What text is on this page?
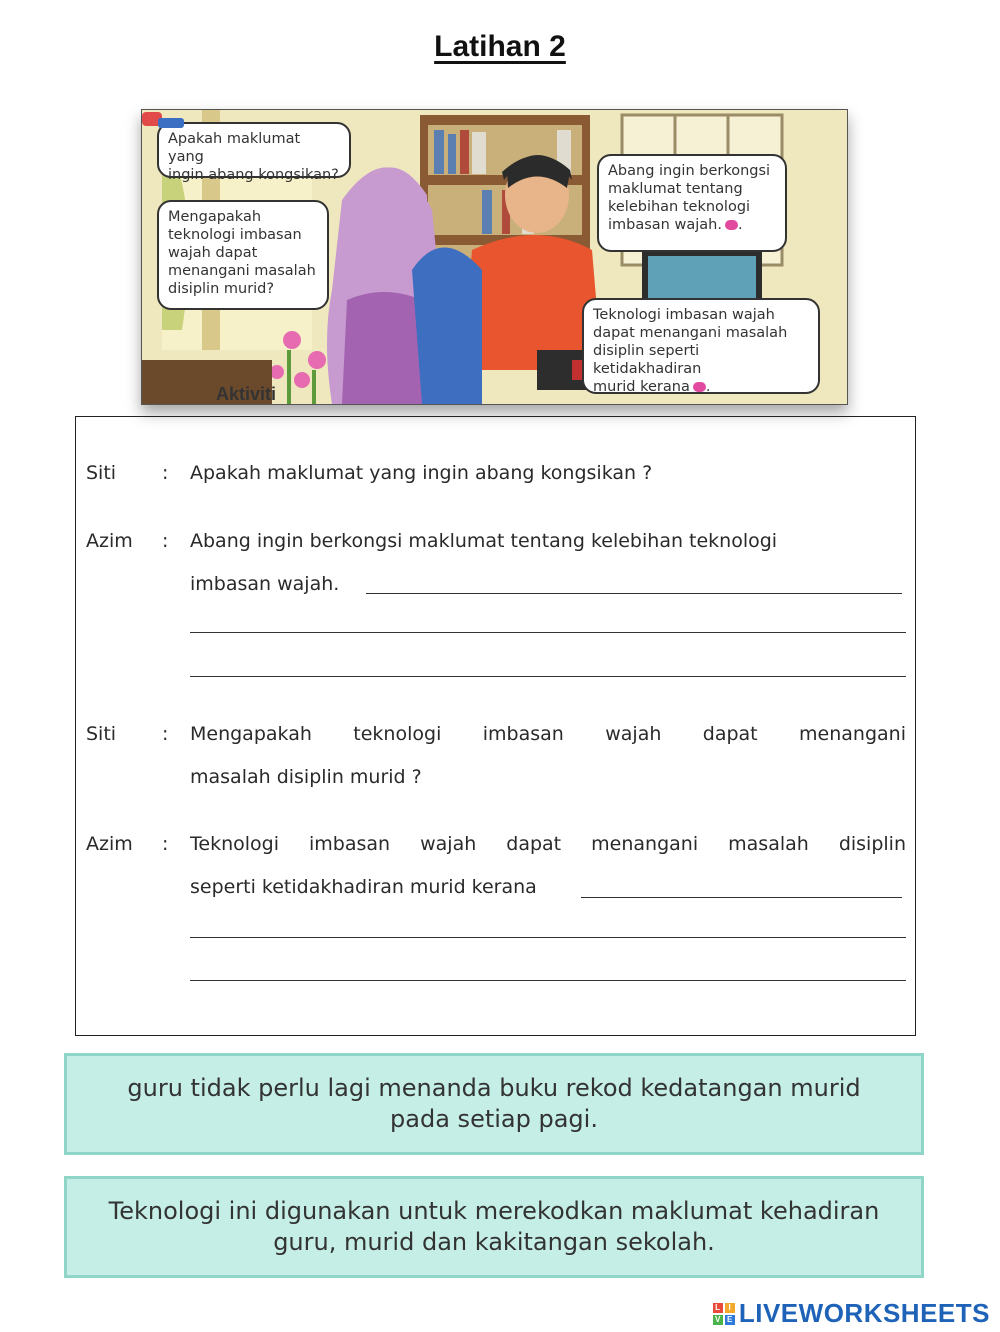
Latihan 2
Apakah maklumat yang
ingin abang kongsikan?
Mengapakah
teknologi imbasan
wajah dapat
menangani masalah
disiplin murid?
Abang ingin berkongsi
maklumat tentang
kelebihan teknologi
imbasan wajah. .
Teknologi imbasan wajah
dapat menangani masalah
disiplin seperti ketidakhadiran
murid kerana .
Aktiviti
Siti : Apakah maklumat yang ingin abang kongsikan ?
Azim : Abang ingin berkongsi maklumat tentang kelebihan teknologi
imbasan wajah.
Siti : Mengapakah teknologi imbasan wajah dapat menangani
masalah disiplin murid ?
Azim : Teknologi imbasan wajah dapat menangani masalah disiplin
seperti ketidakhadiran murid kerana
guru tidak perlu lagi menanda buku rekod kedatangan murid pada setiap pagi.
Teknologi ini digunakan untuk merekodkan maklumat kehadiran guru, murid dan kakitangan sekolah.
L I
V E LIVEWORKSHEETS
